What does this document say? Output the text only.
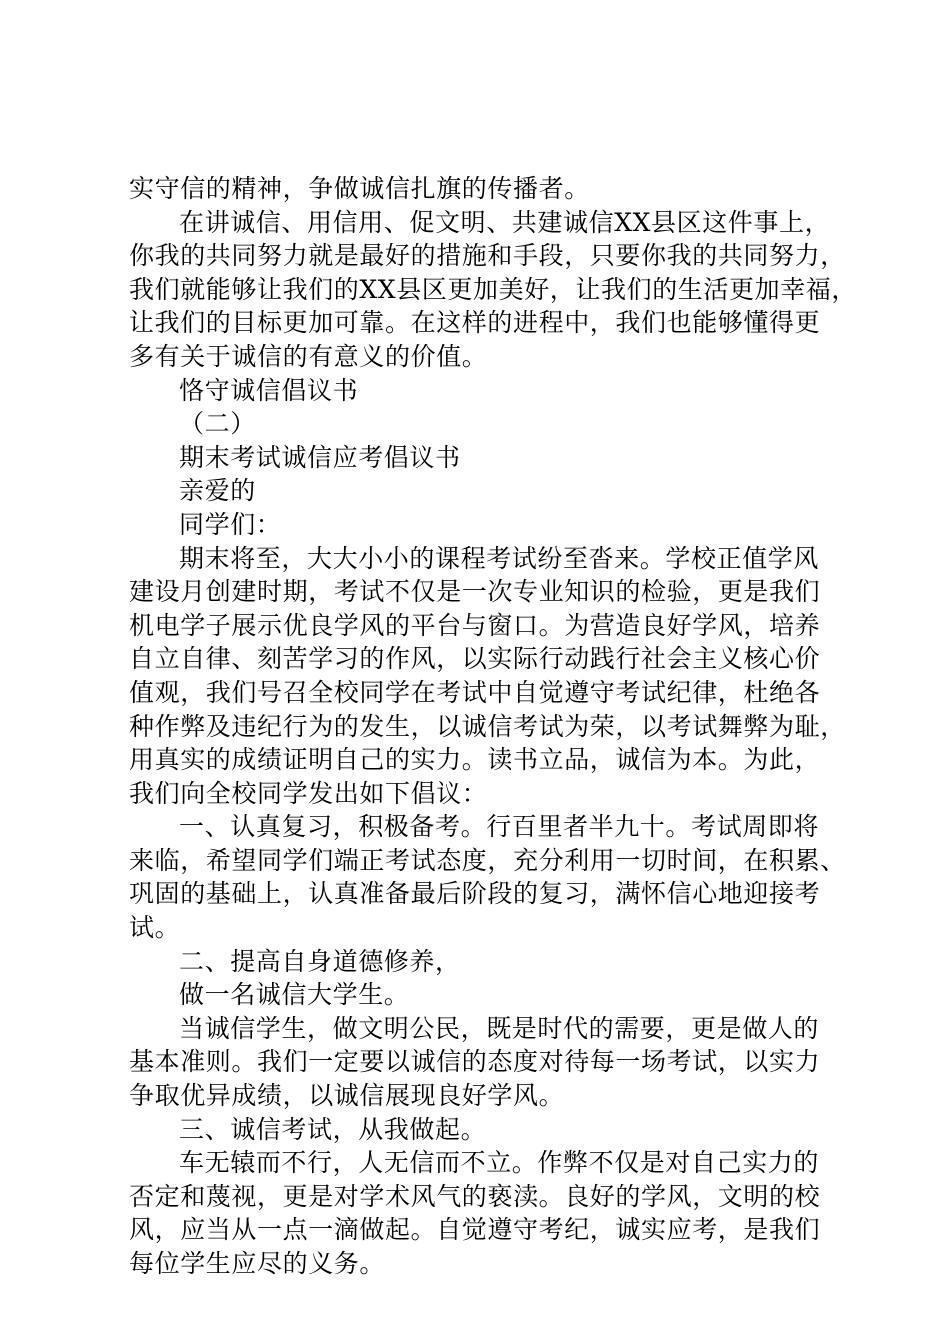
实守信的精神，争做诚信扎旗的传播者。
在讲诚信、用信用、促文明、共建诚信XX县区这件事上，
你我的共同努力就是最好的措施和手段，只要你我的共同努力，
我们就能够让我们的XX县区更加美好，让我们的生活更加幸福，
让我们的目标更加可靠。在这样的进程中，我们也能够懂得更
多有关于诚信的有意义的价值。
恪守诚信倡议书
（二）
期末考试诚信应考倡议书
亲爱的
同学们：
期末将至，大大小小的课程考试纷至沓来。学校正值学风
建设月创建时期，考试不仅是一次专业知识的检验，更是我们
机电学子展示优良学风的平台与窗口。为营造良好学风，培养
自立自律、刻苦学习的作风，以实际行动践行社会主义核心价
值观，我们号召全校同学在考试中自觉遵守考试纪律，杜绝各
种作弊及违纪行为的发生，以诚信考试为荣，以考试舞弊为耻，
用真实的成绩证明自己的实力。读书立品，诚信为本。为此，
我们向全校同学发出如下倡议：
一、认真复习，积极备考。行百里者半九十。考试周即将
来临，希望同学们端正考试态度，充分利用一切时间，在积累、
巩固的基础上，认真准备最后阶段的复习，满怀信心地迎接考
试。
二、提高自身道德修养，
做一名诚信大学生。
当诚信学生，做文明公民，既是时代的需要，更是做人的
基本准则。我们一定要以诚信的态度对待每一场考试，以实力
争取优异成绩，以诚信展现良好学风。
三、诚信考试，从我做起。
车无辕而不行，人无信而不立。作弊不仅是对自己实力的
否定和蔑视，更是对学术风气的亵渎。良好的学风，文明的校
风，应当从一点一滴做起。自觉遵守考纪，诚实应考，是我们
每位学生应尽的义务。
